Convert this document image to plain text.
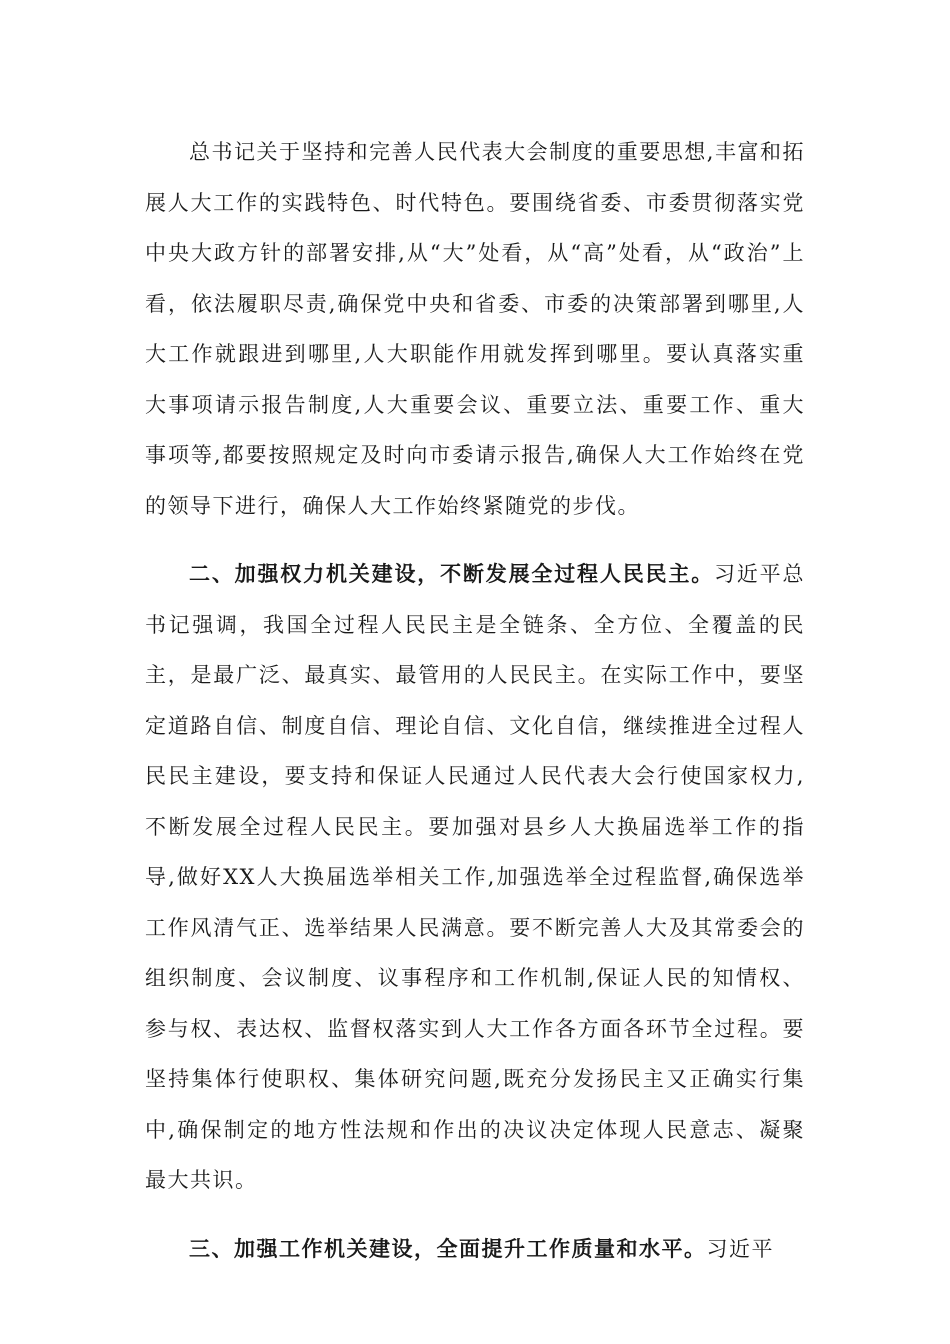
总书记关于坚持和完善人民代表大会制度的重要思想,丰富和拓展人大工作的实践特色、时代特色。要围绕省委、市委贯彻落实党中央大政方针的部署安排,从“大”处看，从“高”处看，从“政治”上看，依法履职尽责,确保党中央和省委、市委的决策部署到哪里,人大工作就跟进到哪里,人大职能作用就发挥到哪里。要认真落实重大事项请示报告制度,人大重要会议、重要立法、重要工作、重大事项等,都要按照规定及时向市委请示报告,确保人大工作始终在党的领导下进行，确保人大工作始终紧随党的步伐。

二、加强权力机关建设，不断发展全过程人民民主。习近平总书记强调，我国全过程人民民主是全链条、全方位、全覆盖的民主，是最广泛、最真实、最管用的人民民主。在实际工作中，要坚定道路自信、制度自信、理论自信、文化自信，继续推进全过程人民民主建设，要支持和保证人民通过人民代表大会行使国家权力,不断发展全过程人民民主。要加强对县乡人大换届选举工作的指导,做好XX人大换届选举相关工作,加强选举全过程监督,确保选举工作风清气正、选举结果人民满意。要不断完善人大及其常委会的组织制度、会议制度、议事程序和工作机制,保证人民的知情权、参与权、表达权、监督权落实到人大工作各方面各环节全过程。要坚持集体行使职权、集体研究问题,既充分发扬民主又正确实行集中,确保制定的地方性法规和作出的决议决定体现人民意志、凝聚最大共识。

三、加强工作机关建设，全面提升工作质量和水平。习近平
